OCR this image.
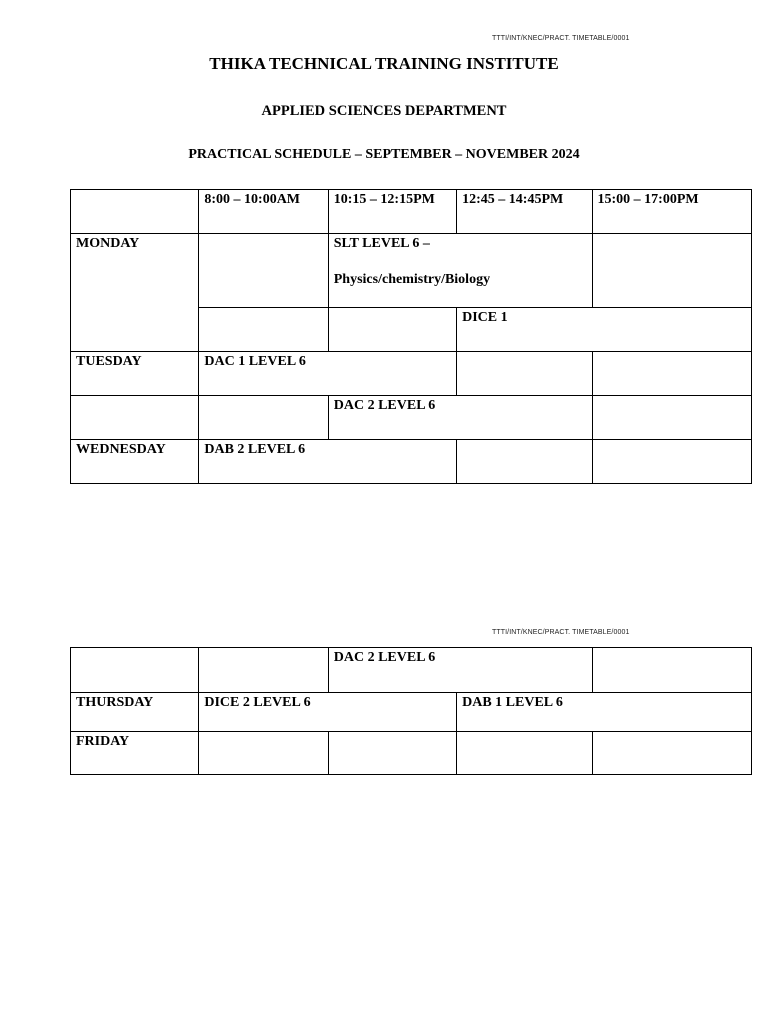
TTTI/INT/KNEC/PRACT. TIMETABLE/0001
THIKA TECHNICAL TRAINING INSTITUTE
APPLIED SCIENCES DEPARTMENT
PRACTICAL SCHEDULE – SEPTEMBER – NOVEMBER 2024
	8:00 – 10:00AM	10:15 – 12:15PM	12:45 – 14:45PM	15:00 – 17:00PM
MONDAY		SLT LEVEL 6 –
Physics/chemistry/Biology		

			DICE 1	
TUESDAY	DAC 1 LEVEL 6			
		DAC 2 LEVEL 6		
WEDNESDAY	DAB 2 LEVEL 6			
TTTI/INT/KNEC/PRACT. TIMETABLE/0001
		DAC 2 LEVEL 6		
THURSDAY	DICE 2 LEVEL 6		DAB 1 LEVEL 6	
FRIDAY				
